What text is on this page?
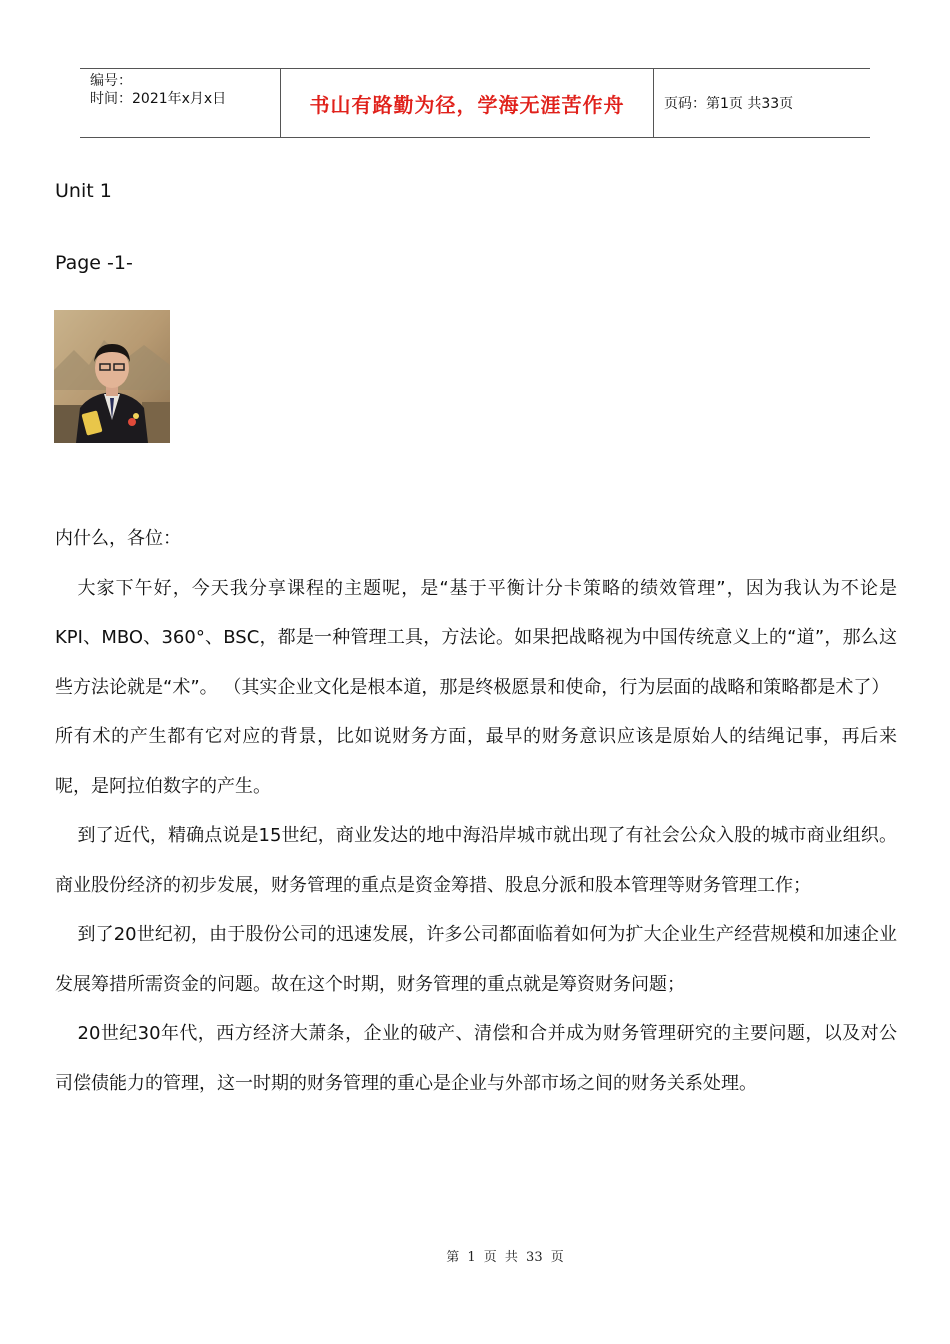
编号：
时间：2021年x月x日	书山有路勤为径，学海无涯苦作舟	页码：第1页 共33页
Unit 1
Page -1-

内什么，各位：

大家下午好，今天我分享课程的主题呢，是“基于平衡计分卡策略的绩效管理”，因为我认为不论是KPI、MBO、360°、BSC，都是一种管理工具，方法论。如果把战略视为中国传统意义上的“道”，那么这些方法论就是“术”。 （其实企业文化是根本道，那是终极愿景和使命，行为层面的战略和策略都是术了）

所有术的产生都有它对应的背景，比如说财务方面，最早的财务意识应该是原始人的结绳记事，再后来呢，是阿拉伯数字的产生。

到了近代，精确点说是15世纪，商业发达的地中海沿岸城市就出现了有社会公众入股的城市商业组织。商业股份经济的初步发展，财务管理的重点是资金筹措、股息分派和股本管理等财务管理工作；

到了20世纪初，由于股份公司的迅速发展，许多公司都面临着如何为扩大企业生产经营规模和加速企业发展筹措所需资金的问题。故在这个时期，财务管理的重点就是筹资财务问题；

20世纪30年代，西方经济大萧条，企业的破产、清偿和合并成为财务管理研究的主要问题，以及对公司偿债能力的管理，这一时期的财务管理的重心是企业与外部市场之间的财务关系处理。

第 1 页 共 33 页
